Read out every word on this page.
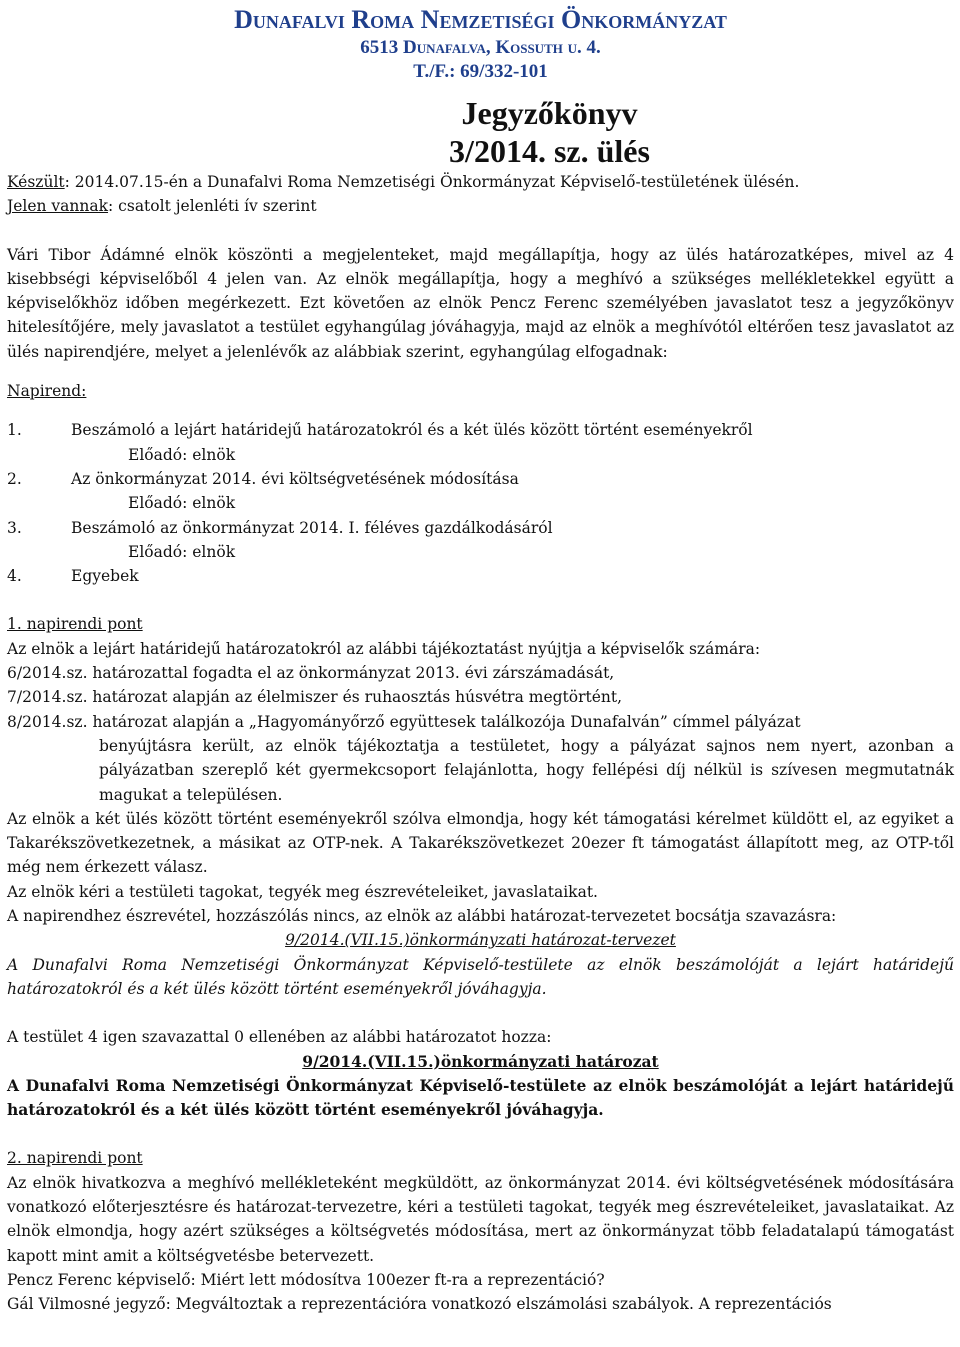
Dunafalvi Roma Nemzetiségi Önkormányzat
6513 Dunafalva, Kossuth u. 4.
T./F.: 69/332-101
Jegyzőkönyv
3/2014. sz. ülés

Készült: 2014.07.15-én a Dunafalvi Roma Nemzetiségi Önkormányzat Képviselő-testületének ülésén.

Jelen vannak: csatolt jelenléti ív szerint

Vári Tibor Ádámné elnök köszönti a megjelenteket, majd megállapítja, hogy az ülés határozatképes, mivel az 4 kisebbségi képviselőből 4 jelen van. Az elnök megállapítja, hogy a meghívó a szükséges mellékletekkel együtt a képviselőkhöz időben megérkezett. Ezt követően az elnök Pencz Ferenc személyében javaslatot tesz a jegyzőkönyv hitelesítőjére, mely javaslatot a testület egyhangúlag jóváhagyja, majd az elnök a meghívótól eltérően tesz javaslatot az ülés napirendjére, melyet a jelenlévők az alábbiak szerint, egyhangúlag elfogadnak:

Napirend:

1.	Beszámoló a lejárt határidejű határozatokról és a két ülés között történt eseményekről
Előadó: elnök
2.	Az önkormányzat 2014. évi költségvetésének módosítása
Előadó: elnök
3.	Beszámoló az önkormányzat 2014. I. féléves gazdálkodásáról
Előadó: elnök
4.	Egyebek

1. napirendi pont

Az elnök a lejárt határidejű határozatokról az alábbi tájékoztatást nyújtja a képviselők számára:

6/2014.sz. határozattal fogadta el az önkormányzat 2013. évi zárszámadását,

7/2014.sz. határozat alapján az élelmiszer és ruhaosztás húsvétra megtörtént,

8/2014.sz. határozat alapján a „Hagyományőrző együttesek találkozója Dunafalván” címmel pályázat

benyújtásra került, az elnök tájékoztatja a testületet, hogy a pályázat sajnos nem nyert, azonban a pályázatban szereplő két gyermekcsoport felajánlotta, hogy fellépési díj nélkül is szívesen megmutatnák magukat a településen.

Az elnök a két ülés között történt eseményekről szólva elmondja, hogy két támogatási kérelmet küldött el, az egyiket a Takarékszövetkezetnek, a másikat az OTP-nek. A Takarékszövetkezet 20ezer ft támogatást állapított meg, az OTP-től még nem érkezett válasz.

Az elnök kéri a testületi tagokat, tegyék meg észrevételeiket, javaslataikat.

A napirendhez észrevétel, hozzászólás nincs, az elnök az alábbi határozat-tervezetet bocsátja szavazásra:

9/2014.(VII.15.)önkormányzati határozat-tervezet

A Dunafalvi Roma Nemzetiségi Önkormányzat Képviselő-testülete az elnök beszámolóját a lejárt határidejű határozatokról és a két ülés között történt eseményekről jóváhagyja.

A testület 4 igen szavazattal 0 ellenében az alábbi határozatot hozza:

9/2014.(VII.15.)önkormányzati határozat

A Dunafalvi Roma Nemzetiségi Önkormányzat Képviselő-testülete az elnök beszámolóját a lejárt határidejű határozatokról és a két ülés között történt eseményekről jóváhagyja.

2. napirendi pont

Az elnök hivatkozva a meghívó mellékleteként megküldött, az önkormányzat 2014. évi költségvetésének módosítására vonatkozó előterjesztésre és határozat-tervezetre, kéri a testületi tagokat, tegyék meg észrevételeiket, javaslataikat. Az elnök elmondja, hogy azért szükséges a költségvetés módosítása, mert az önkormányzat több feladatalapú támogatást kapott mint amit a költségvetésbe betervezett.

Pencz Ferenc képviselő: Miért lett módosítva 100ezer ft-ra a reprezentáció?

Gál Vilmosné jegyző: Megváltoztak a reprezentációra vonatkozó elszámolási szabályok. A reprezentációs
